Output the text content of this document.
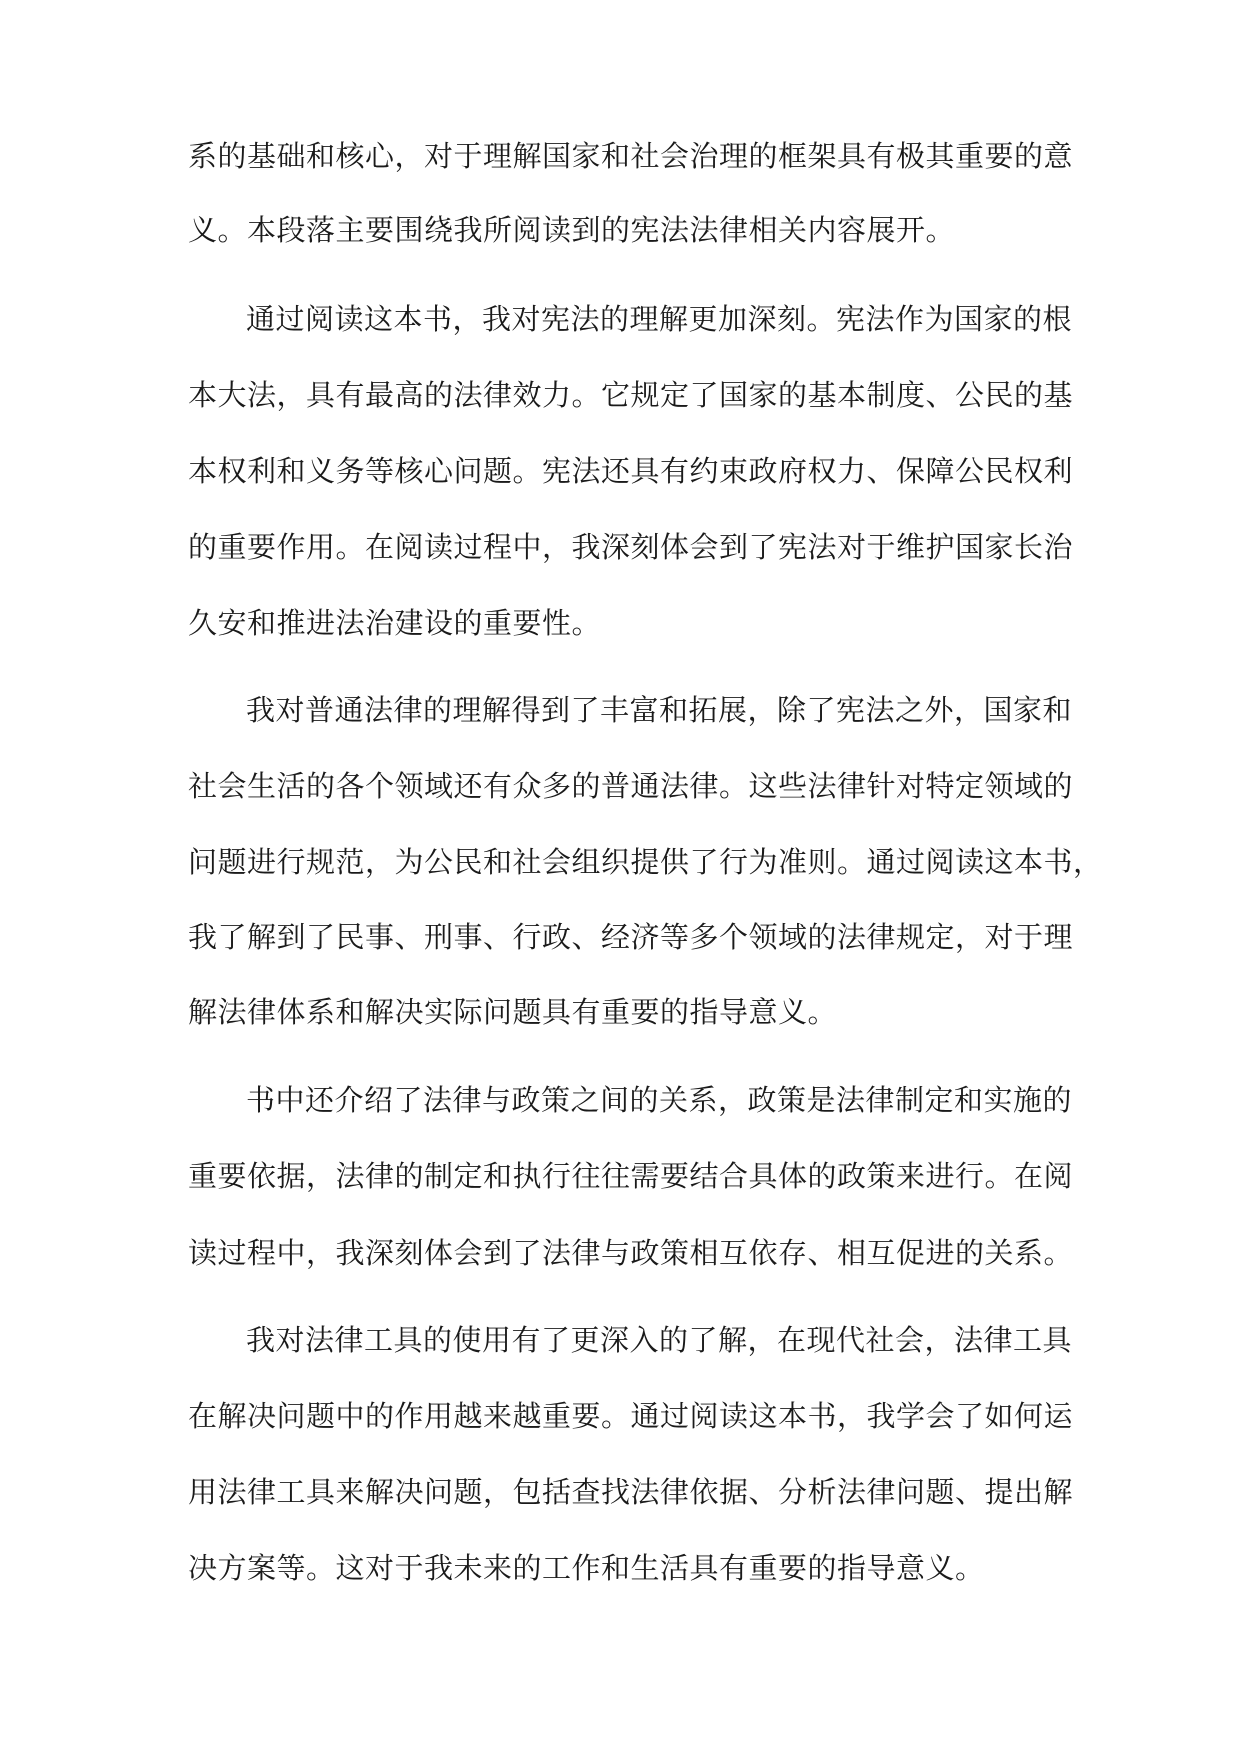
系的基础和核心，对于理解国家和社会治理的框架具有极其重要的意
义。本段落主要围绕我所阅读到的宪法法律相关内容展开。
通过阅读这本书，我对宪法的理解更加深刻。宪法作为国家的根
本大法，具有最高的法律效力。它规定了国家的基本制度、公民的基
本权利和义务等核心问题。宪法还具有约束政府权力、保障公民权利
的重要作用。在阅读过程中，我深刻体会到了宪法对于维护国家长治
久安和推进法治建设的重要性。
我对普通法律的理解得到了丰富和拓展，除了宪法之外，国家和
社会生活的各个领域还有众多的普通法律。这些法律针对特定领域的
问题进行规范，为公民和社会组织提供了行为准则。通过阅读这本书，
我了解到了民事、刑事、行政、经济等多个领域的法律规定，对于理
解法律体系和解决实际问题具有重要的指导意义。
书中还介绍了法律与政策之间的关系，政策是法律制定和实施的
重要依据，法律的制定和执行往往需要结合具体的政策来进行。在阅
读过程中，我深刻体会到了法律与政策相互依存、相互促进的关系。
我对法律工具的使用有了更深入的了解，在现代社会，法律工具
在解决问题中的作用越来越重要。通过阅读这本书，我学会了如何运
用法律工具来解决问题，包括查找法律依据、分析法律问题、提出解
决方案等。这对于我未来的工作和生活具有重要的指导意义。
